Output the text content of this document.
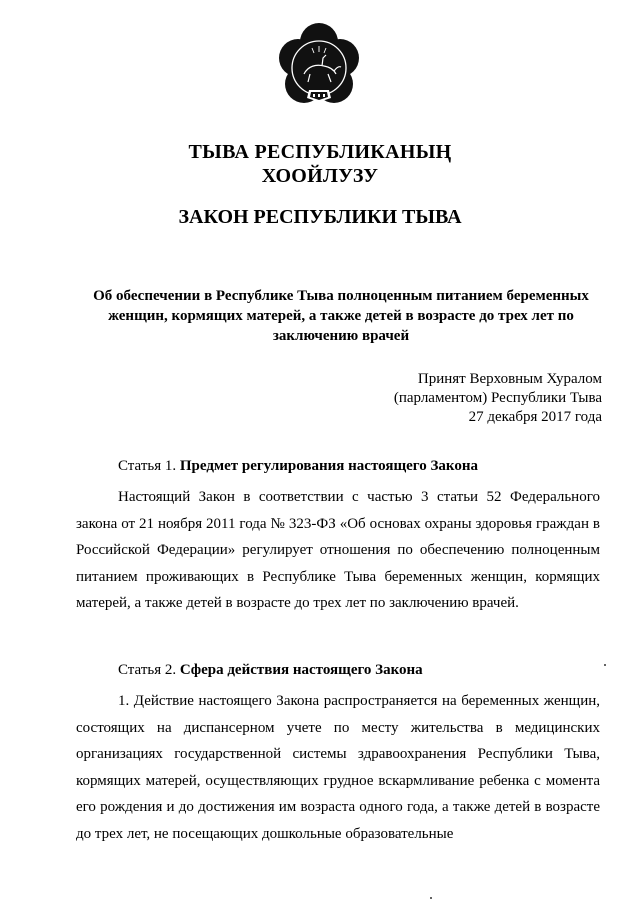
ТЫВА РЕСПУБЛИКАНЫҢ
ХООЙЛУЗУ
ЗАКОН РЕСПУБЛИКИ ТЫВА
Об обеспечении в Республике Тыва полноценным питанием беременных женщин, кормящих матерей, а также детей в возрасте до трех лет по заключению врачей
Принят Верховным Хуралом
(парламентом) Республики Тыва
27 декабря 2017 года
Статья 1. Предмет регулирования настоящего Закона
Настоящий Закон в соответствии с частью 3 статьи 52 Федерального закона от 21 ноября 2011 года № 323-ФЗ «Об основах охраны здоровья граждан в Российской Федерации» регулирует отношения по обеспечению полноценным питанием проживающих в Республике Тыва беременных женщин, кормящих матерей, а также детей в возрасте до трех лет по заключению врачей.
Статья 2. Сфера действия настоящего Закона
1. Действие настоящего Закона распространяется на беременных женщин, состоящих на диспансерном учете по месту жительства в медицинских организациях государственной системы здравоохранения Республики Тыва, кормящих матерей, осуществляющих грудное вскармливание ребенка с момента его рождения и до достижения им возраста одного года, а также детей в возрасте до трех лет, не посещающих дошкольные образовательные
